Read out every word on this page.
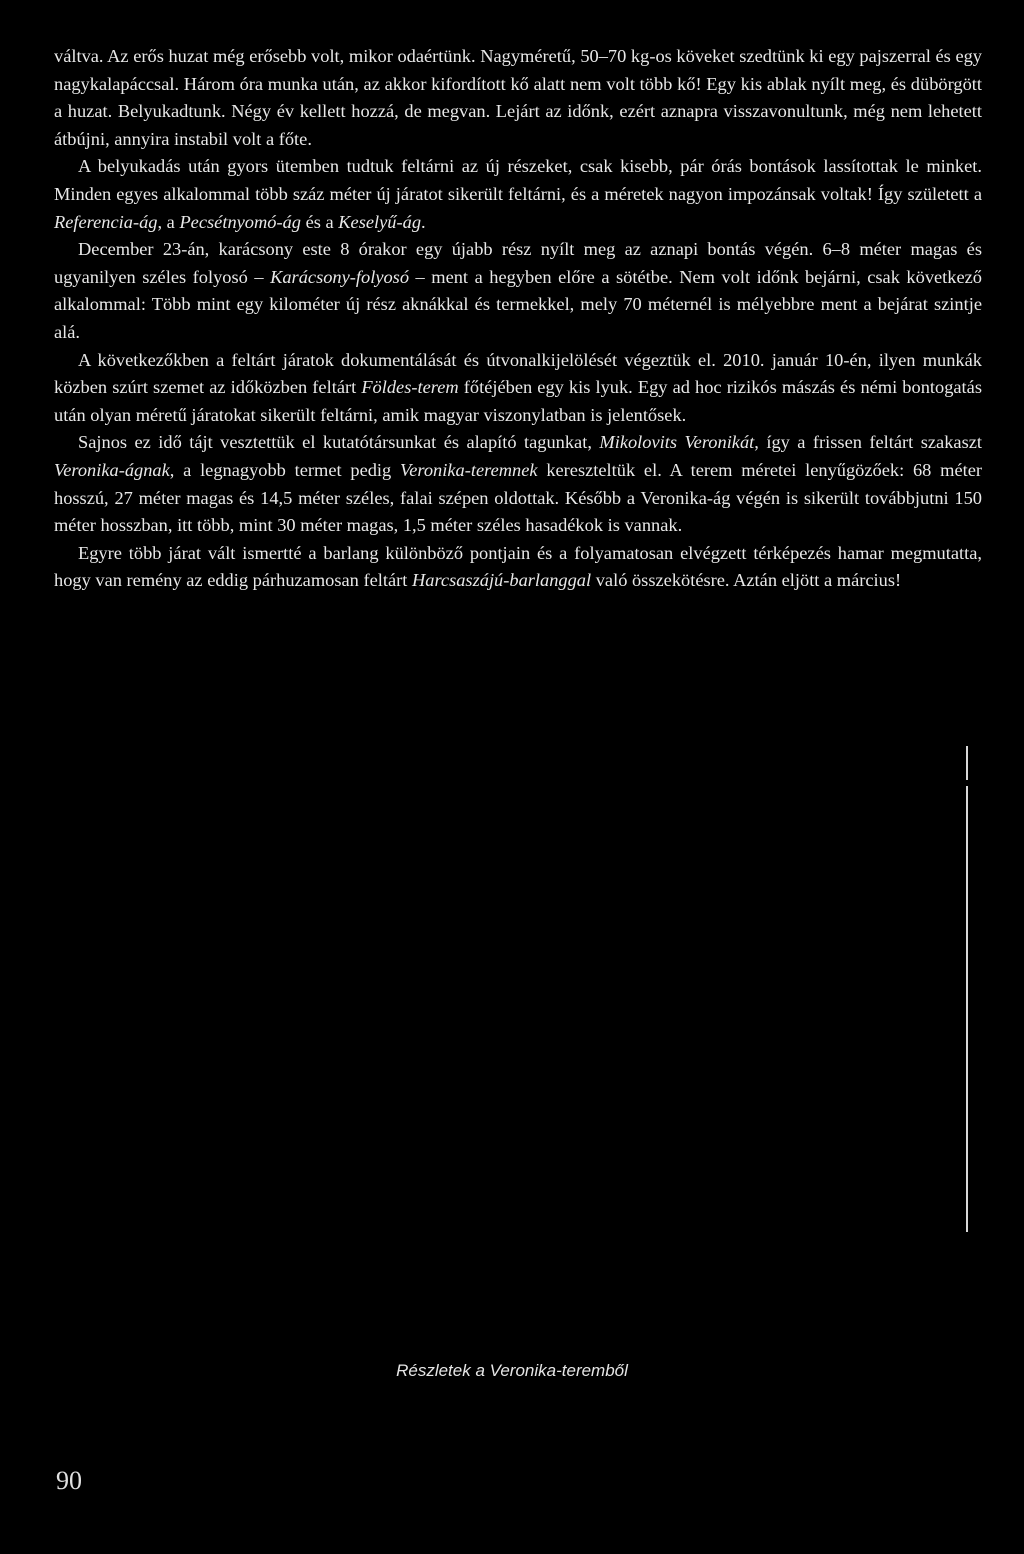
váltva. Az erős huzat még erősebb volt, mikor odaértünk. Nagyméretű, 50–70 kg-os köveket szedtünk ki egy pajszerral és egy nagykalapáccsal. Három óra munka után, az akkor kifordított kő alatt nem volt több kő! Egy kis ablak nyílt meg, és dübörgött a huzat. Belyukadtunk. Négy év kellett hozzá, de megvan. Lejárt az időnk, ezért aznapra visszavonultunk, még nem lehetett átbújni, annyira instabil volt a főte.

A belyukadás után gyors ütemben tudtuk feltárni az új részeket, csak kisebb, pár órás bontások lassítottak le minket. Minden egyes alkalommal több száz méter új járatot sikerült feltárni, és a méretek nagyon impozánsak voltak! Így született a Referencia-ág, a Pecsétnyomó-ág és a Keselyű-ág.

December 23-án, karácsony este 8 órakor egy újabb rész nyílt meg az aznapi bontás végén. 6–8 méter magas és ugyanilyen széles folyosó – Karácsony-folyosó – ment a hegyben előre a sötétbe. Nem volt időnk bejárni, csak következő alkalommal: Több mint egy kilométer új rész aknákkal és termekkel, mely 70 méternél is mélyebbre ment a bejárat szintje alá.

A következőkben a feltárt járatok dokumentálását és útvonalkijelölését végeztük el. 2010. január 10-én, ilyen munkák közben szúrt szemet az időközben feltárt Földes-terem főtéjében egy kis lyuk. Egy ad hoc rizikós mászás és némi bontogatás után olyan méretű járatokat sikerült feltárni, amik magyar viszonylatban is jelentősek.

Sajnos ez idő tájt vesztettük el kutatótársunkat és alapító tagunkat, Mikolovits Veronikát, így a frissen feltárt szakaszt Veronika-ágnak, a legnagyobb termet pedig Veronika-teremnek kereszteltük el. A terem méretei lenyűgözőek: 68 méter hosszú, 27 méter magas és 14,5 méter széles, falai szépen oldottak. Később a Veronika-ág végén is sikerült továbbjutni 150 méter hosszban, itt több, mint 30 méter magas, 1,5 méter széles hasadékok is vannak.

Egyre több járat vált ismertté a barlang különböző pontjain és a folyamatosan elvégzett térképezés hamar megmutatta, hogy van remény az eddig párhuzamosan feltárt Harcsaszájú-barlanggal való összekötésre. Aztán eljött a március!

Részletek a Veronika-teremből
90
